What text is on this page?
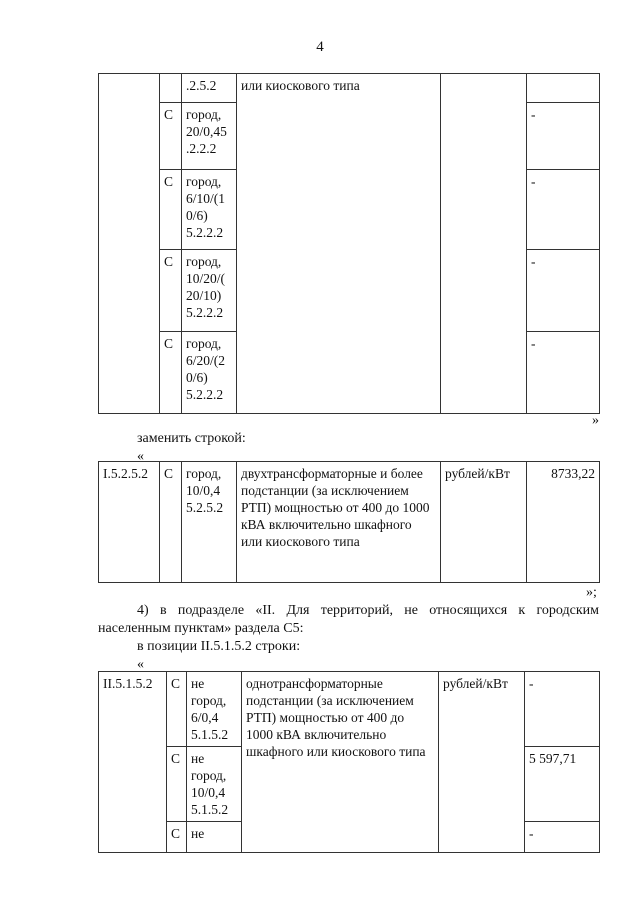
4
		.2.5.2	или киоскового типа		
	С	город, 20/0,45 .2.2.2			-
	С	город, 6/10/(1 0/6) 5.2.2.2			-
	С	город, 10/20/( 20/10) 5.2.2.2			-
	С	город, 6/20/(2 0/6) 5.2.2.2			-
»
заменить строкой:
«
I.5.2.5.2	С	город, 10/0,4 5.2.5.2	двухтрансформаторные и более подстанции (за исключением РТП) мощностью от 400 до 1000 кВА включительно шкафного или киоскового типа	рублей/кВт	8733,22
»;
4) в подразделе «II. Для территорий, не относящихся к городским
населенным пунктам» раздела С5:
в позиции II.5.1.5.2 строки:
«
II.5.1.5.2	С	не город, 6/0,4 5.1.5.2	однотрансформаторные подстанции (за исключением РТП) мощностью от 400 до 1000 кВА включительно шкафного или киоскового типа	рублей/кВт	-
	С	не город, 10/0,4 5.1.5.2			5 597,71
	С	не			-
